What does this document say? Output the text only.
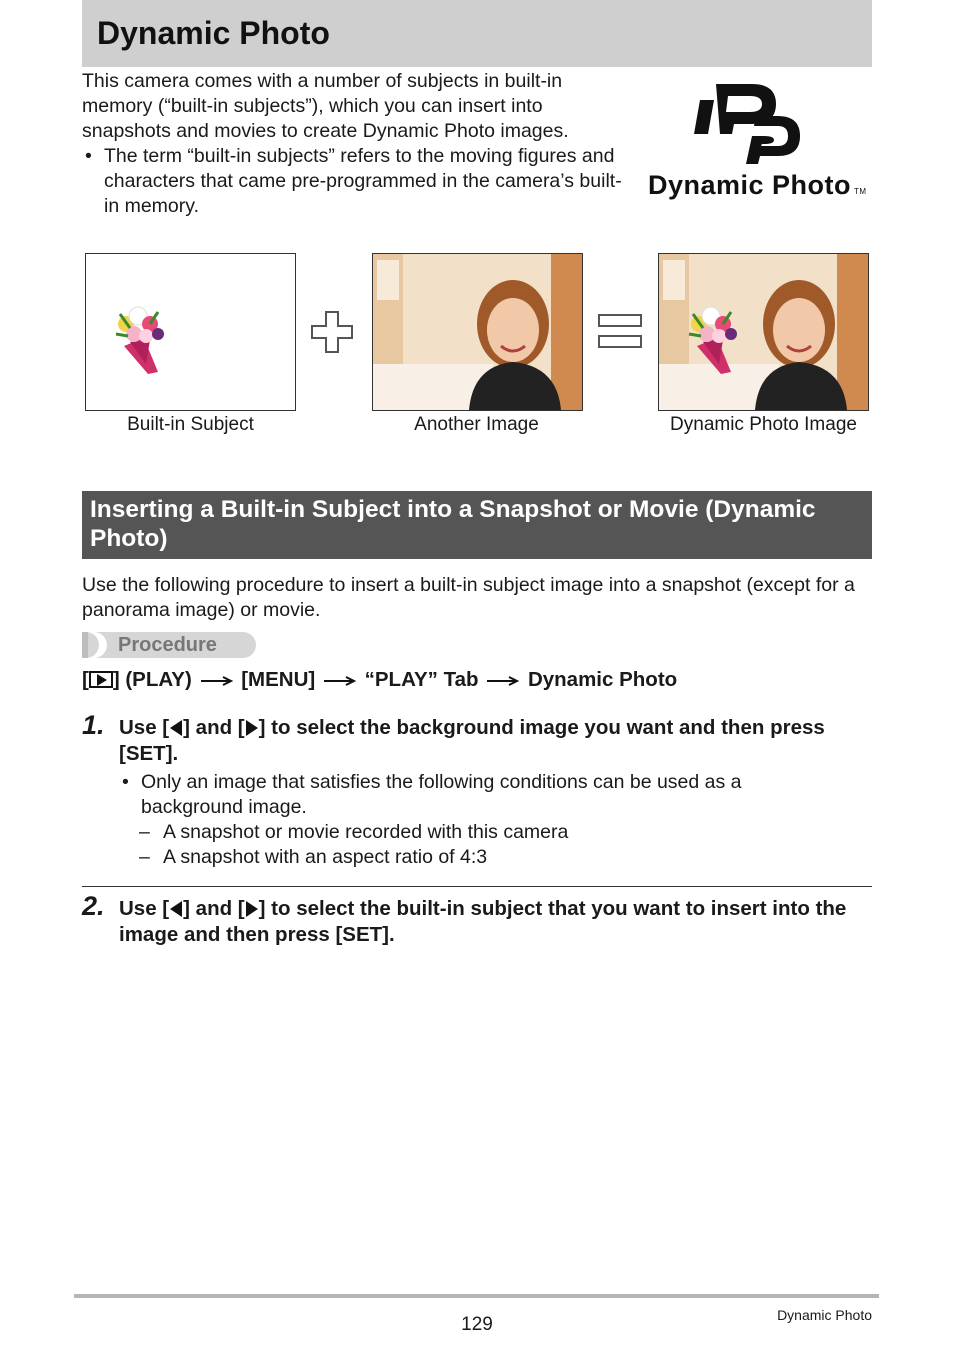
Dynamic Photo

This camera comes with a number of subjects in built-in memory (“built-in subjects”), which you can insert into snapshots and movies to create Dynamic Photo images.

• The term “built-in subjects” refers to the moving figures and characters that came pre-programmed in the camera’s built-in memory.

Dynamic Photo TM
Built-in Subject	Another Image	Dynamic Photo Image
Inserting a Built-in Subject into a Snapshot or Movie (Dynamic Photo)

Use the following procedure to insert a built-in subject image into a snapshot (except for a panorama image) or movie.

Procedure
[ ] (PLAY) [MENU] “PLAY” Tab Dynamic Photo
1. Use [ ] and [ ] to select the background image you want and then press [SET].
• Only an image that satisfies the following conditions can be used as a background image.
– A snapshot or movie recorded with this camera
– A snapshot with an aspect ratio of 4:3
2. Use [ ] and [ ] to select the built-in subject that you want to insert into the image and then press [SET].
129	Dynamic Photo
